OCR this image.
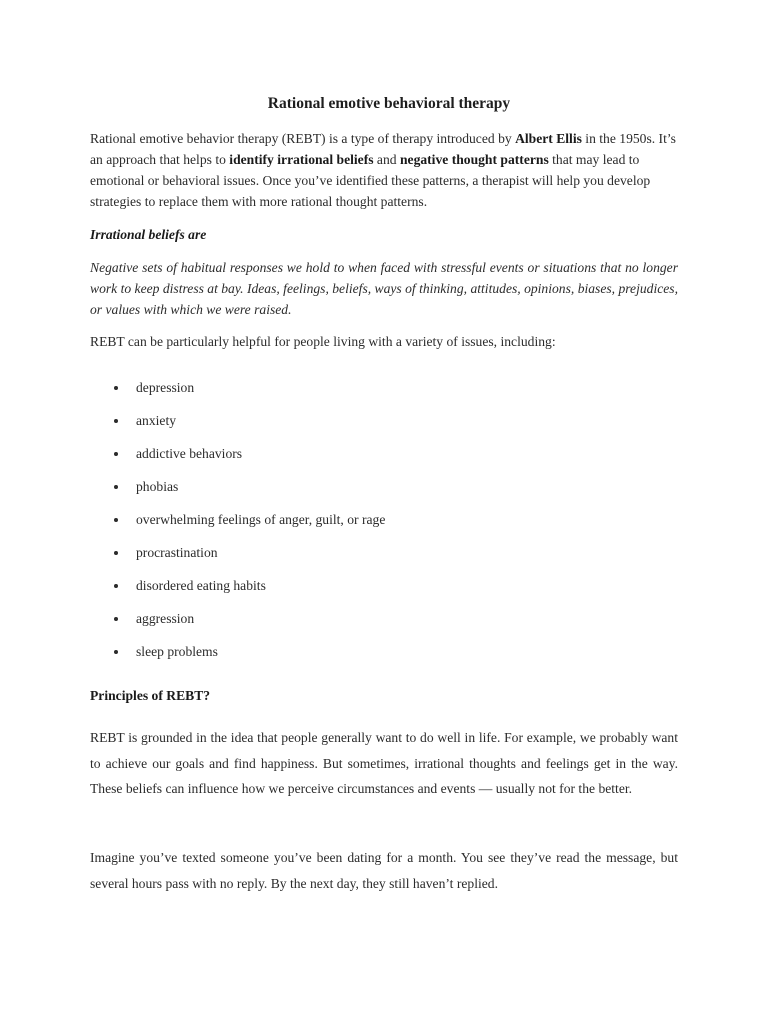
Rational emotive behavioral therapy

Rational emotive behavior therapy (REBT) is a type of therapy introduced by Albert Ellis in the 1950s. It’s an approach that helps to identify irrational beliefs and negative thought patterns that may lead to emotional or behavioral issues. Once you’ve identified these patterns, a therapist will help you develop strategies to replace them with more rational thought patterns.

Irrational beliefs are

Negative sets of habitual responses we hold to when faced with stressful events or situations that no longer work to keep distress at bay. Ideas, feelings, beliefs, ways of thinking, attitudes, opinions, biases, prejudices, or values with which we were raised.

REBT can be particularly helpful for people living with a variety of issues, including:

depression
anxiety
addictive behaviors
phobias
overwhelming feelings of anger, guilt, or rage
procrastination
disordered eating habits
aggression
sleep problems

Principles of REBT?

REBT is grounded in the idea that people generally want to do well in life. For example, we probably want to achieve our goals and find happiness. But sometimes, irrational thoughts and feelings get in the way. These beliefs can influence how we perceive circumstances and events — usually not for the better.

Imagine you’ve texted someone you’ve been dating for a month. You see they’ve read the message, but several hours pass with no reply. By the next day, they still haven’t replied.
